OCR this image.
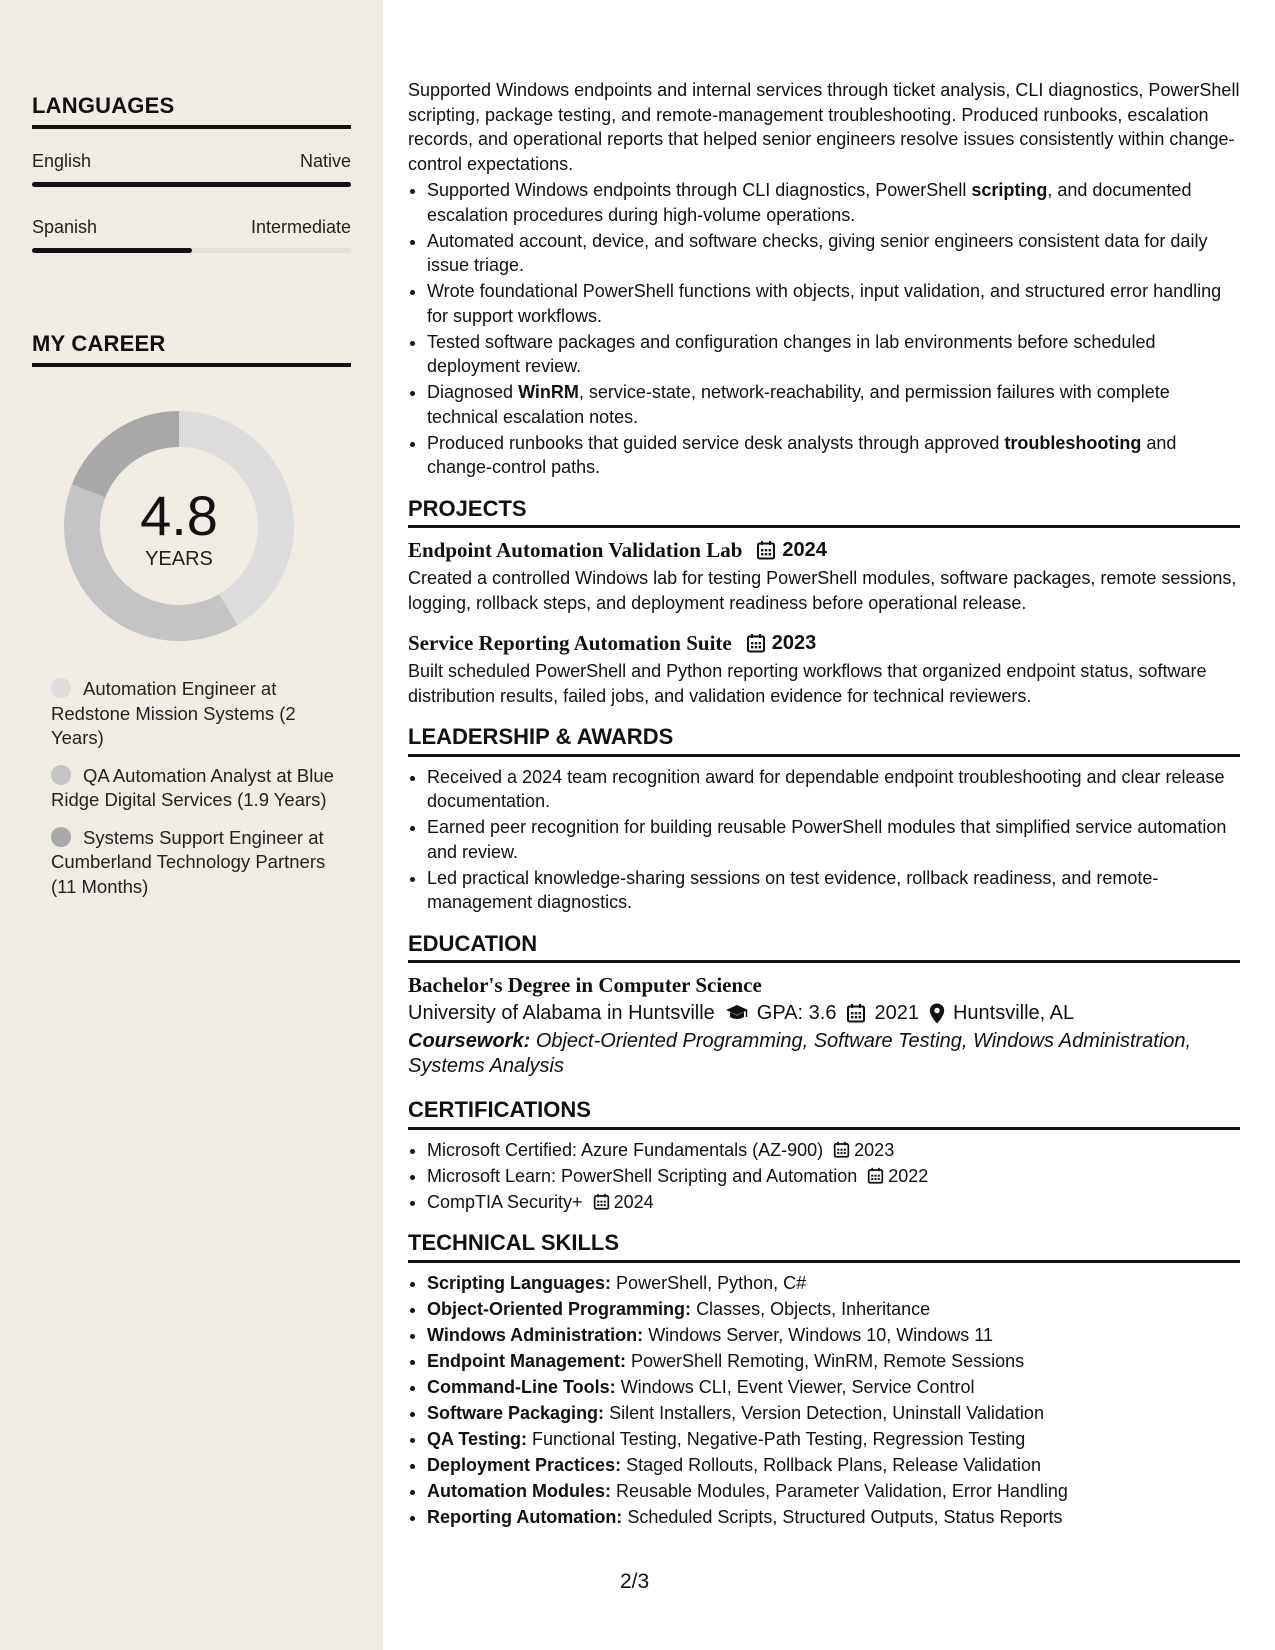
LANGUAGES
English	Native
Spanish	Intermediate
MY CAREER
4.8
YEARS
Automation Engineer at Redstone Mission Systems (2 Years)
QA Automation Analyst at Blue Ridge Digital Services (1.9 Years)
Systems Support Engineer at Cumberland Technology Partners (11 Months)

Supported Windows endpoints and internal services through ticket analysis, CLI diagnostics, PowerShell scripting, package testing, and remote-management troubleshooting. Produced runbooks, escalation records, and operational reports that helped senior engineers resolve issues consistently within change-control expectations.

• Supported Windows endpoints through CLI diagnostics, PowerShell scripting, and documented escalation procedures during high-volume operations.
• Automated account, device, and software checks, giving senior engineers consistent data for daily issue triage.
• Wrote foundational PowerShell functions with objects, input validation, and structured error handling for support workflows.
• Tested software packages and configuration changes in lab environments before scheduled deployment review.
• Diagnosed WinRM, service-state, network-reachability, and permission failures with complete technical escalation notes.
• Produced runbooks that guided service desk analysts through approved troubleshooting and change-control paths.
PROJECTS
Endpoint Automation Validation Lab 2024

Created a controlled Windows lab for testing PowerShell modules, software packages, remote sessions, logging, rollback steps, and deployment readiness before operational release.

Service Reporting Automation Suite 2023

Built scheduled PowerShell and Python reporting workflows that organized endpoint status, software distribution results, failed jobs, and validation evidence for technical reviewers.

LEADERSHIP & AWARDS
• Received a 2024 team recognition award for dependable endpoint troubleshooting and clear release documentation.
• Earned peer recognition for building reusable PowerShell modules that simplified service automation and review.
• Led practical knowledge-sharing sessions on test evidence, rollback readiness, and remote-management diagnostics.
EDUCATION
Bachelor's Degree in Computer Science
University of Alabama in Huntsville GPA: 3.6 2021 Huntsville, AL
Coursework: Object-Oriented Programming, Software Testing, Windows Administration, Systems Analysis
CERTIFICATIONS
• Microsoft Certified: Azure Fundamentals (AZ-900) 2023
• Microsoft Learn: PowerShell Scripting and Automation 2022
• CompTIA Security+ 2024
TECHNICAL SKILLS
• Scripting Languages: PowerShell, Python, C#
• Object-Oriented Programming: Classes, Objects, Inheritance
• Windows Administration: Windows Server, Windows 10, Windows 11
• Endpoint Management: PowerShell Remoting, WinRM, Remote Sessions
• Command-Line Tools: Windows CLI, Event Viewer, Service Control
• Software Packaging: Silent Installers, Version Detection, Uninstall Validation
• QA Testing: Functional Testing, Negative-Path Testing, Regression Testing
• Deployment Practices: Staged Rollouts, Rollback Plans, Release Validation
• Automation Modules: Reusable Modules, Parameter Validation, Error Handling
• Reporting Automation: Scheduled Scripts, Structured Outputs, Status Reports
2/3
